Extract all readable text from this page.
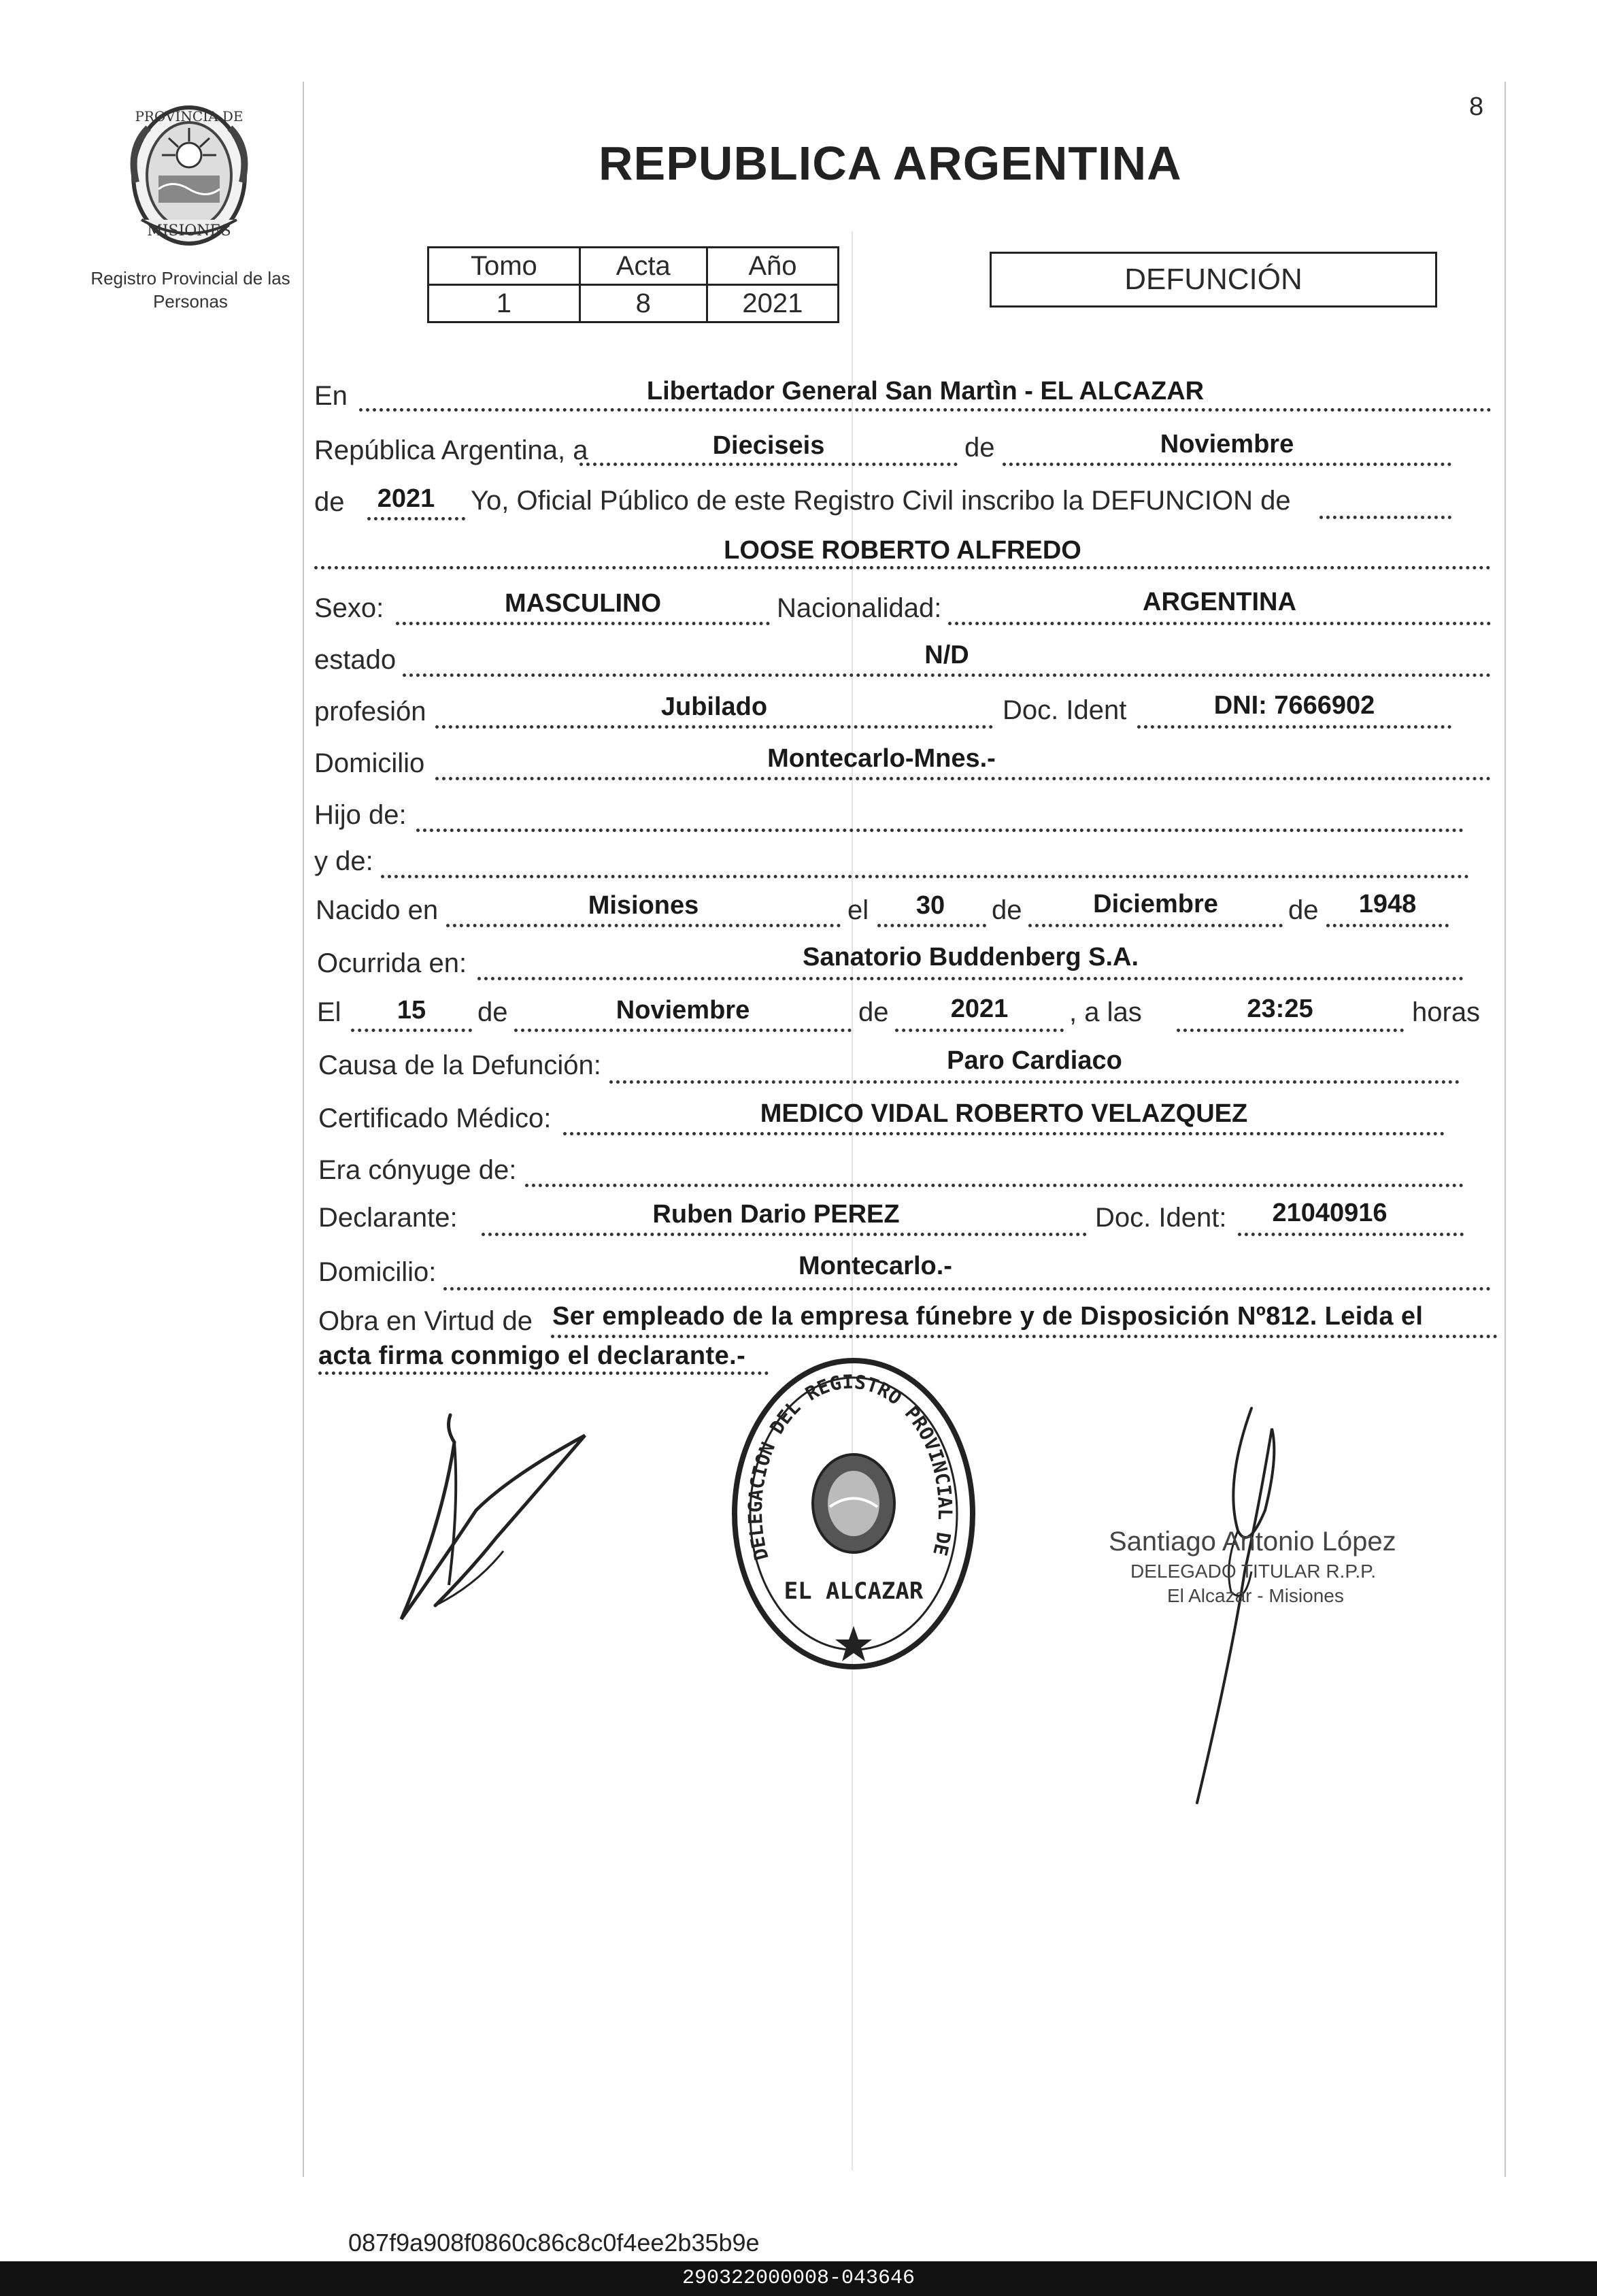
8
PROVINCIA DE
MISIONES
Registro Provincial de las Personas
REPUBLICA ARGENTINA
Tomo	Acta	Año
1	8	2021
DEFUNCIÓN
En	Libertador General San Martìn - EL ALCAZAR
República Argentina, a	Dieciseis	de	Noviembre
de	2021	Yo, Oficial Público de este Registro Civil inscribo la DEFUNCION de
LOOSE ROBERTO ALFREDO
Sexo:	MASCULINO	Nacionalidad:	ARGENTINA
estado	N/D
profesión	Jubilado	Doc. Ident	DNI: 7666902
Domicilio	Montecarlo-Mnes.-
Hijo de:
y de:
Nacido en	Misiones	el	30	de	Diciembre	de	1948
Ocurrida en:	Sanatorio Buddenberg S.A.
El	15	de	Noviembre	de	2021	, a las	23:25	horas
Causa de la Defunción:	Paro Cardiaco
Certificado Médico:	MEDICO VIDAL ROBERTO VELAZQUEZ
Era cónyuge de:
Declarante:	Ruben Dario PEREZ	Doc. Ident:	21040916
Domicilio:	Montecarlo.-
Obra en Virtud de Ser empleado de la empresa fúnebre y de Disposición Nº812. Leida el
acta firma conmigo el declarante.-
DELEGACION DEL REGISTRO PROVINCIAL DE
EL ALCAZAR
Santiago Antonio López
DELEGADO TITULAR R.P.P.
El Alcazar - Misiones
087f9a908f0860c86c8c0f4ee2b35b9e
290322000008-043646
